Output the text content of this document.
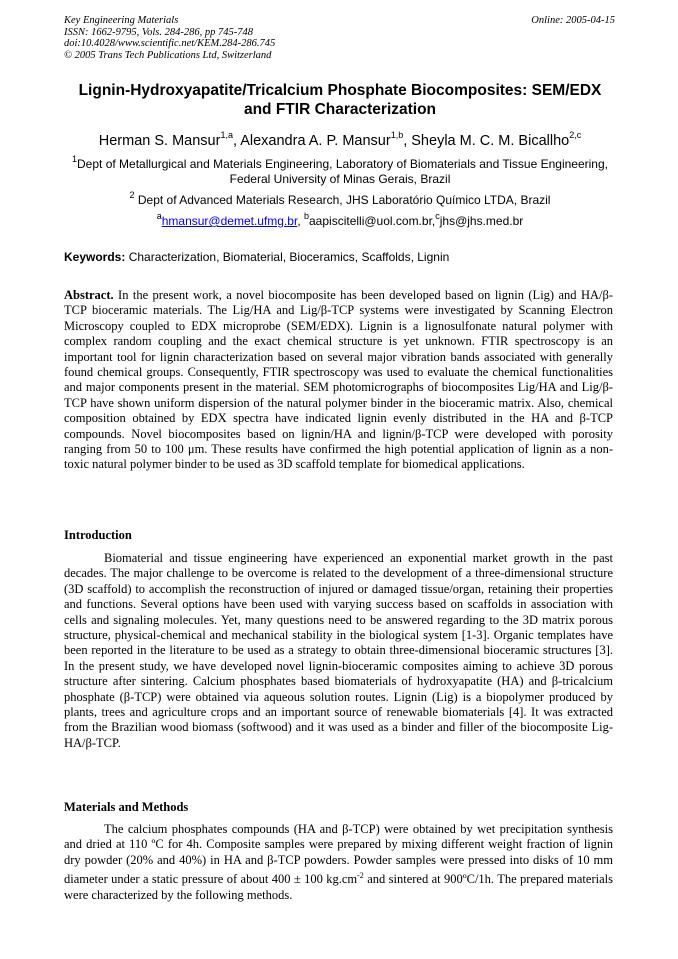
Key Engineering Materials
ISSN: 1662-9795, Vols. 284-286, pp 745-748
doi:10.4028/www.scientific.net/KEM.284-286.745
© 2005 Trans Tech Publications Ltd, Switzerland
Online: 2005-04-15
Lignin-Hydroxyapatite/Tricalcium Phosphate Biocomposites: SEM/EDX and FTIR Characterization
Herman S. Mansur$^{1,a}$, Alexandra A. P. Mansur$^{1,b}$, Sheyla M. C. M. Bicallho$^{2,c}$
$^1$Dept of Metallurgical and Materials Engineering, Laboratory of Biomaterials and Tissue Engineering, Federal University of Minas Gerais, Brazil
$^2$ Dept of Advanced Materials Research, JHS Laboratório Químico LTDA, Brazil
$^a$hmansur@demet.ufmg.br, $^b$aapiscitelli@uol.com.br,$^c$jhs@jhs.med.br
Keywords: Characterization, Biomaterial, Bioceramics, Scaffolds, Lignin
Abstract. In the present work, a novel biocomposite has been developed based on lignin (Lig) and HA/β-TCP bioceramic materials. The Lig/HA and Lig/β-TCP systems were investigated by Scanning Electron Microscopy coupled to EDX microprobe (SEM/EDX). Lignin is a lignosulfonate natural polymer with complex random coupling and the exact chemical structure is yet unknown. FTIR spectroscopy is an important tool for lignin characterization based on several major vibration bands associated with generally found chemical groups. Consequently, FTIR spectroscopy was used to evaluate the chemical functionalities and major components present in the material. SEM photomicrographs of biocomposites Lig/HA and Lig/β-TCP have shown uniform dispersion of the natural polymer binder in the bioceramic matrix. Also, chemical composition obtained by EDX spectra have indicated lignin evenly distributed in the HA and β-TCP compounds. Novel biocomposites based on lignin/HA and lignin/β-TCP were developed with porosity ranging from 50 to 100 μm. These results have confirmed the high potential application of lignin as a non-toxic natural polymer binder to be used as 3D scaffold template for biomedical applications.
Introduction
Biomaterial and tissue engineering have experienced an exponential market growth in the past decades. The major challenge to be overcome is related to the development of a three-dimensional structure (3D scaffold) to accomplish the reconstruction of injured or damaged tissue/organ, retaining their properties and functions. Several options have been used with varying success based on scaffolds in association with cells and signaling molecules. Yet, many questions need to be answered regarding to the 3D matrix porous structure, physical-chemical and mechanical stability in the biological system [1-3]. Organic templates have been reported in the literature to be used as a strategy to obtain three-dimensional bioceramic structures [3]. In the present study, we have developed novel lignin-bioceramic composites aiming to achieve 3D porous structure after sintering. Calcium phosphates based biomaterials of hydroxyapatite (HA) and β-tricalcium phosphate (β-TCP) were obtained via aqueous solution routes. Lignin (Lig) is a biopolymer produced by plants, trees and agriculture crops and an important source of renewable biomaterials [4]. It was extracted from the Brazilian wood biomass (softwood) and it was used as a binder and filler of the biocomposite Lig-HA/β-TCP.
Materials and Methods
The calcium phosphates compounds (HA and β-TCP) were obtained by wet precipitation synthesis and dried at 110 ºC for 4h. Composite samples were prepared by mixing different weight fraction of lignin dry powder (20% and 40%) in HA and β-TCP powders. Powder samples were pressed into disks of 10 mm diameter under a static pressure of about 400 ± 100 $kg.cm^{-2}$ and sintered at 900ºC/1h. The prepared materials were characterized by the following methods.
